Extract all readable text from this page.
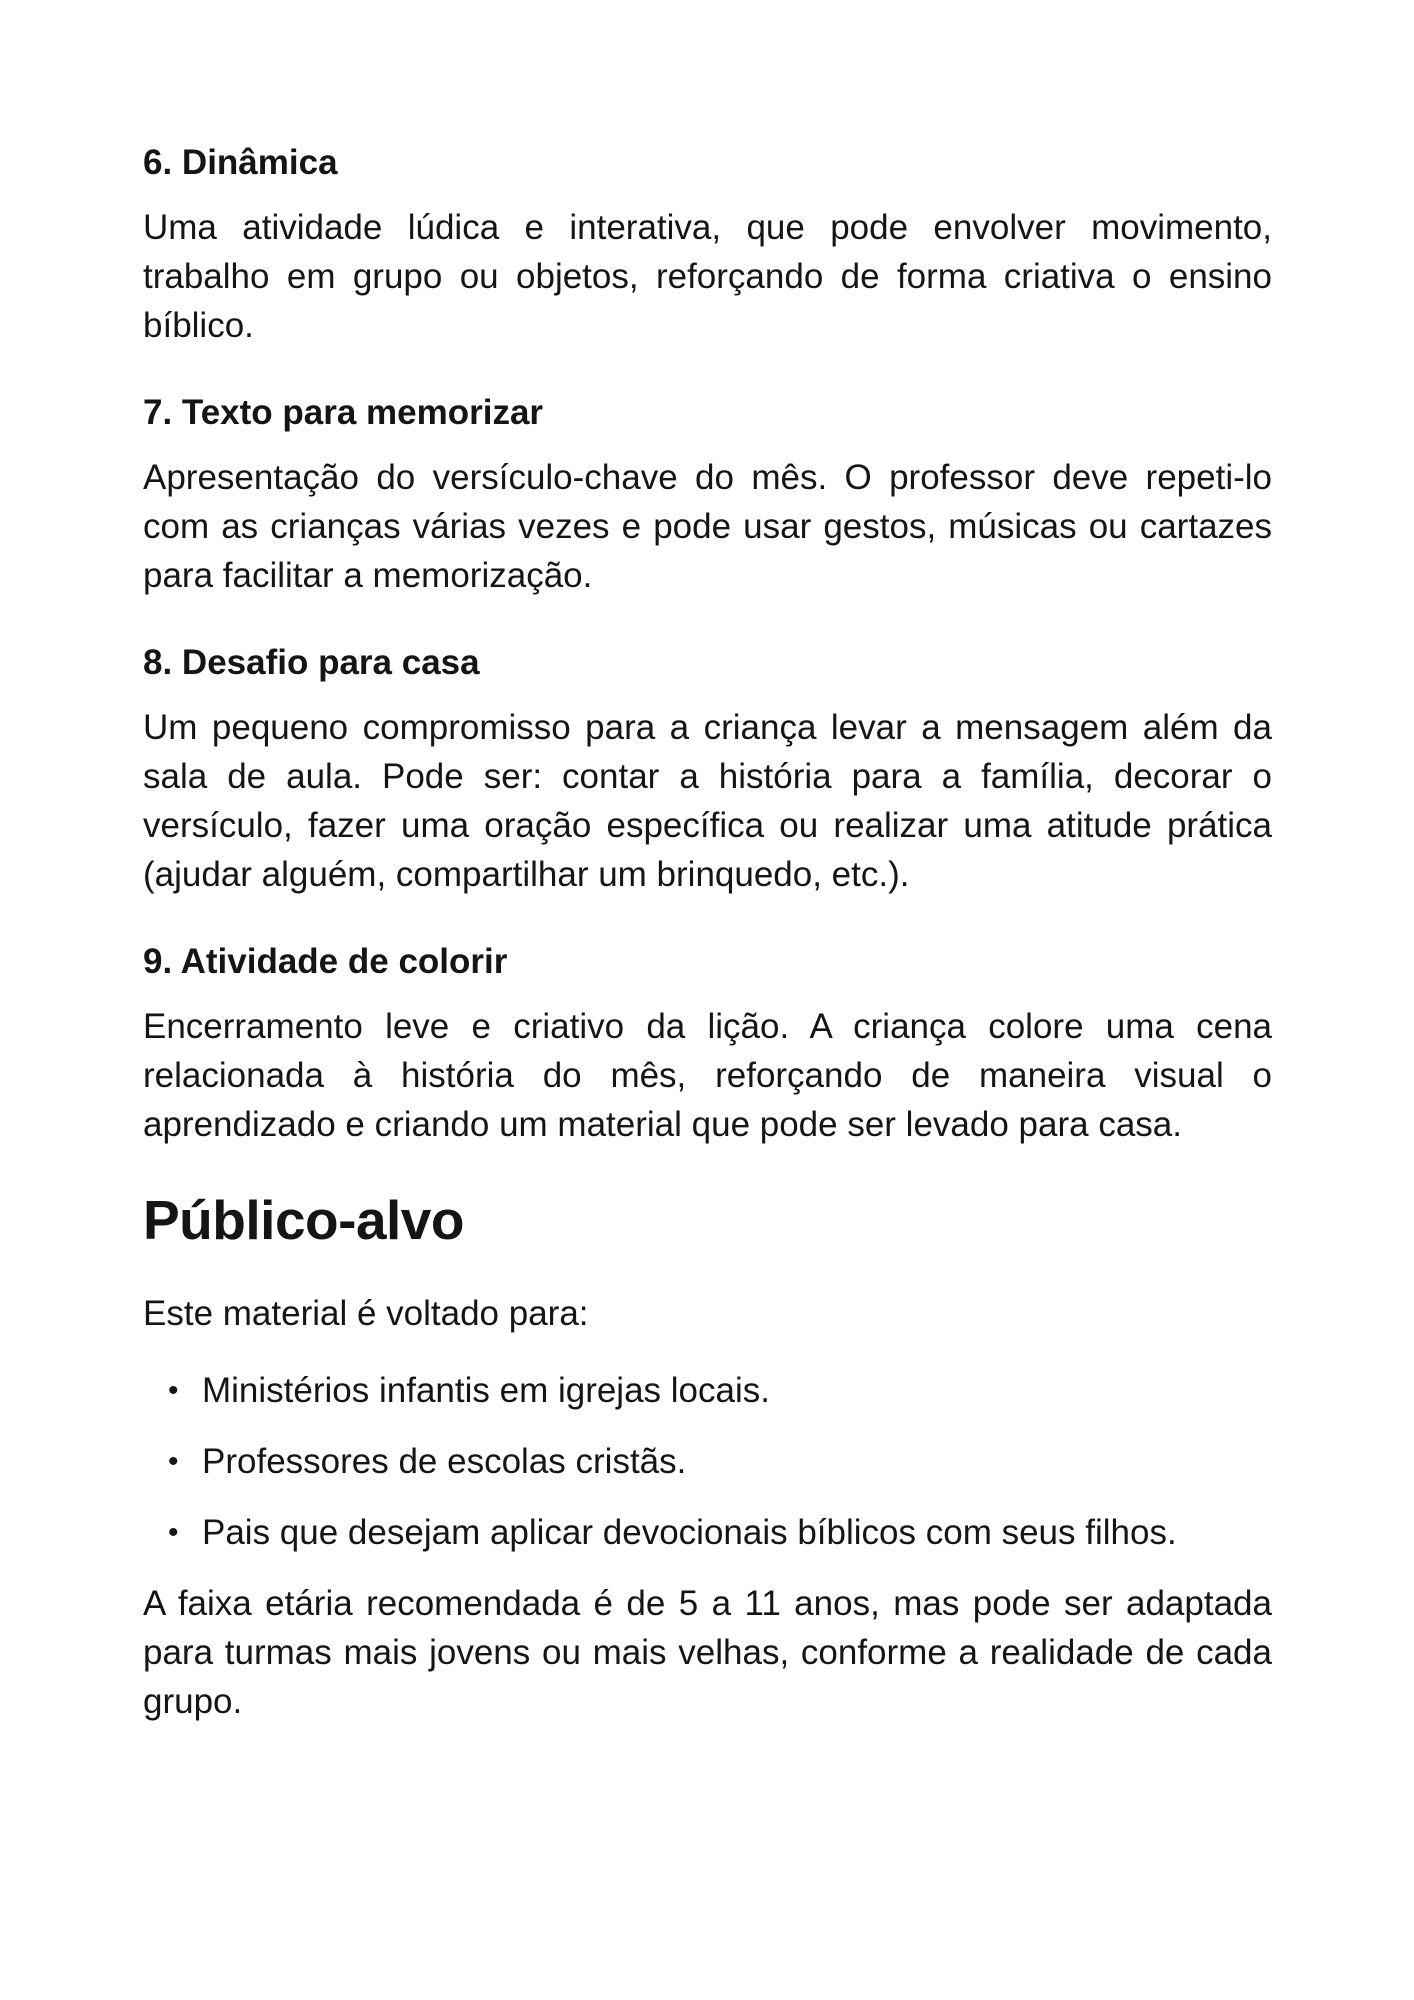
6. Dinâmica

Uma atividade lúdica e interativa, que pode envolver movimento, trabalho em grupo ou objetos, reforçando de forma criativa o ensino bíblico.

7. Texto para memorizar

Apresentação do versículo-chave do mês. O professor deve repeti-lo com as crianças várias vezes e pode usar gestos, músicas ou cartazes para facilitar a memorização.

8. Desafio para casa

Um pequeno compromisso para a criança levar a mensagem além da sala de aula. Pode ser: contar a história para a família, decorar o versículo, fazer uma oração específica ou realizar uma atitude prática (ajudar alguém, compartilhar um brinquedo, etc.).

9. Atividade de colorir

Encerramento leve e criativo da lição. A criança colore uma cena relacionada à história do mês, reforçando de maneira visual o aprendizado e criando um material que pode ser levado para casa.

Público-alvo

Este material é voltado para:

• Ministérios infantis em igrejas locais.
• Professores de escolas cristãs.
• Pais que desejam aplicar devocionais bíblicos com seus filhos.

A faixa etária recomendada é de 5 a 11 anos, mas pode ser adaptada para turmas mais jovens ou mais velhas, conforme a realidade de cada grupo.
